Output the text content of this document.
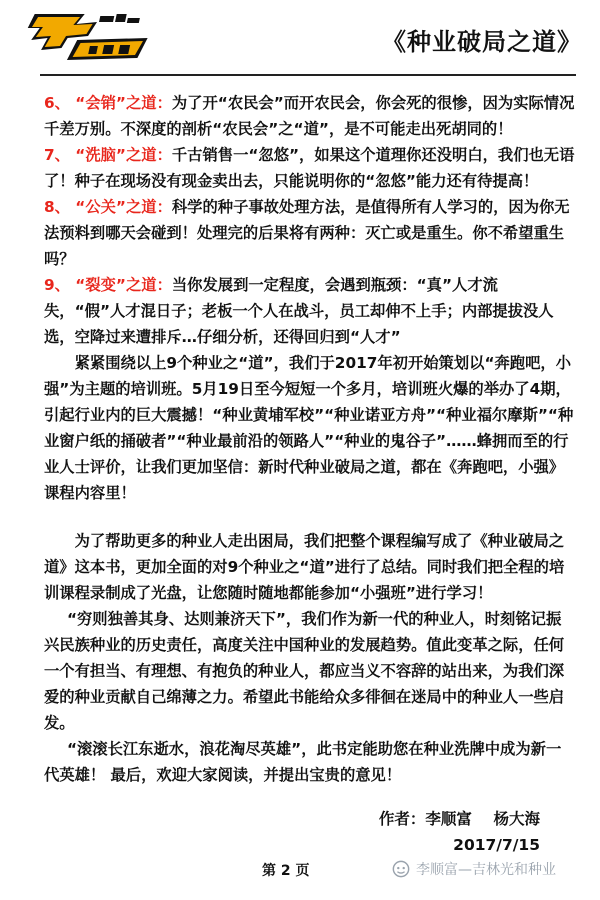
《种业破局之道》

6、 “会销”之道：为了开“农民会”而开农民会，你会死的很惨，因为实际情况千差万别。不深度的剖析“农民会”之“道”，是不可能走出死胡同的！

7、 “洗脑”之道：千古销售一“忽悠”，如果这个道理你还没明白，我们也无语了！种子在现场没有现金卖出去，只能说明你的“忽悠”能力还有待提高！

8、 “公关”之道：科学的种子事故处理方法，是值得所有人学习的，因为你无法预料到哪天会碰到！处理完的后果将有两种：灭亡或是重生。你不希望重生吗？

9、 “裂变”之道：当你发展到一定程度，会遇到瓶颈：“真”人才流失，“假”人才混日子；老板一个人在战斗，员工却伸不上手；内部提拔没人选，空降过来遭排斥…仔细分析，还得回归到“人才”

紧紧围绕以上9个种业之“道”，我们于2017年初开始策划以“奔跑吧，小强”为主题的培训班。5月19日至今短短一个多月，培训班火爆的举办了4期，引起行业内的巨大震撼！“种业黄埔军校”“种业诺亚方舟”“种业福尔摩斯”“种业窗户纸的捅破者”“种业最前沿的领路人”“种业的鬼谷子”……蜂拥而至的行业人士评价，让我们更加坚信：新时代种业破局之道，都在《奔跑吧，小强》课程内容里！

为了帮助更多的种业人走出困局，我们把整个课程编写成了《种业破局之道》这本书，更加全面的对9个种业之“道”进行了总结。同时我们把全程的培训课程录制成了光盘，让您随时随地都能参加“小强班”进行学习！

“穷则独善其身、达则兼济天下”，我们作为新一代的种业人，时刻铭记振兴民族种业的历史责任，高度关注中国种业的发展趋势。值此变革之际，任何一个有担当、有理想、有抱负的种业人，都应当义不容辞的站出来，为我们深爱的种业贡献自己绵薄之力。希望此书能给众多徘徊在迷局中的种业人一些启发。

“滚滚长江东逝水，浪花淘尽英雄”，此书定能助您在种业洗牌中成为新一代英雄！ 最后，欢迎大家阅读，并提出宝贵的意见！

作者：李顺富    杨大海
2017/7/15
第 2 页	李顺富—吉林光和种业
